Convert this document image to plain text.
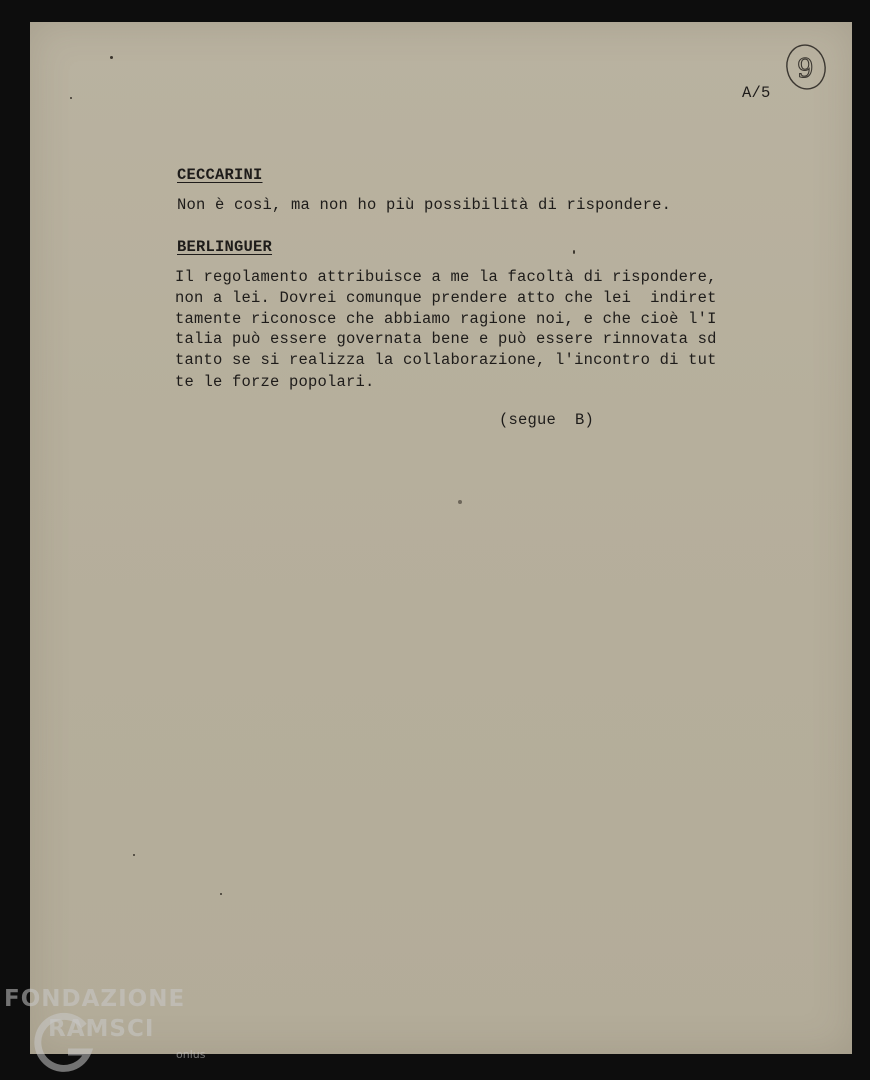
9
A/5
CECCARINI
Non è così, ma non ho più possibilità di rispondere.
BERLINGUER
Il regolamento attribuisce a me la facoltà di rispondere,
non a lei. Dovrei comunque prendere atto che lei  indiret
tamente riconosce che abbiamo ragione noi, e che cioè l'I
talia può essere governata bene e può essere rinnovata sd
tanto se si realizza la collaborazione, l'incontro di tut
te le forze popolari.
(segue  B)
FONDAZIONE
RAMSCI
onlus
